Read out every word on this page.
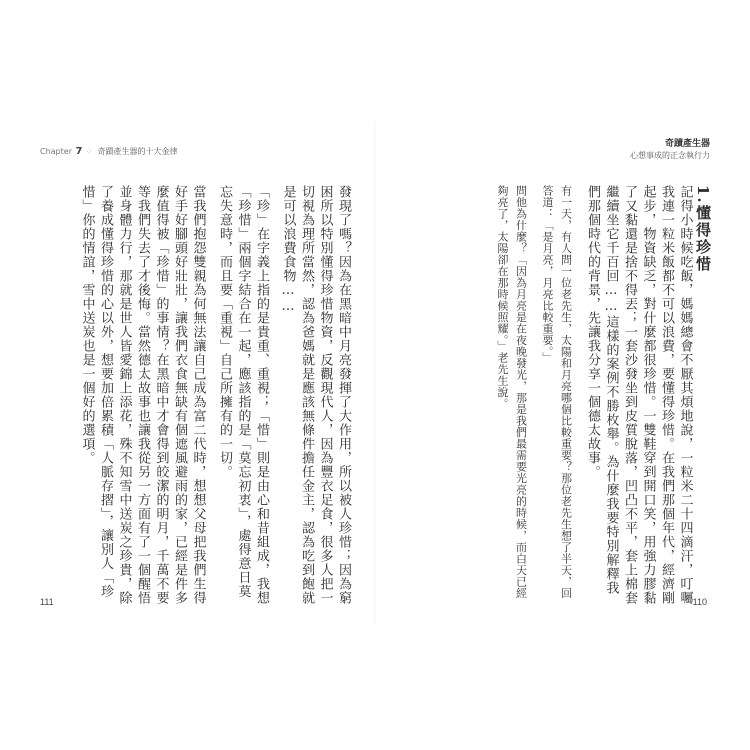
Chapter 7 ⁘ 奇蹟產生器的十大金律
奇蹟產生器
心想事成的正念執行力
1.懂得珍惜
記得小時候吃飯，媽媽總會不厭其煩地說，一粒米二十四滴汗，叮囑我連一粒米飯都不可以浪費，要懂得珍惜。在我們那個年代，經濟剛起步，物資缺乏，對什麼都很珍惜。一雙鞋穿到開口笑，用強力膠黏了又黏還是捨不得丟；一套沙發坐到皮質脫落，凹凸不平，套上棉套繼續坐它千百回……這樣的案例不勝枚舉。為什麼我要特別解釋我們那個時代的背景，先讓我分享一個德太故事。
有一天，有人問一位老先生，太陽和月亮哪個比較重要？那位老先生想了半天，回答道：「是月亮，月亮比較重要。」
問他為什麼？「因為月亮是在夜晚發光，那是我們最需要光亮的時候，而白天已經夠亮了，太陽卻在那時候照耀。」老先生說。
發現了嗎？因為在黑暗中月亮發揮了大作用，所以被人珍惜；因為窮困所以特別懂得珍惜物資，反觀現代人，因為豐衣足食，很多人把一切視為理所當然，認為爸媽就是應該無條件擔任金主，認為吃到飽就是可以浪費食物……
「珍」在字義上指的是貴重、重視；「惜」則是由心和昔組成，我想「珍惜」兩個字結合在一起，應該指的是「莫忘初衷」，處得意日莫忘失意時，而且要「重視」自己所擁有的一切。
當我們抱怨雙親為何無法讓自己成為富二代時，想想父母把我們生得好手好腳頭好壯壯，讓我們衣食無缺有個遮風避雨的家，已經是件多麼值得被「珍惜」的事情？在黑暗中才會得到皎潔的明月，千萬不要等我們失去了才後悔。當然德太故事也讓我從另一方面有了一個醒悟並身體力行，那就是世人皆愛錦上添花，殊不知雪中送炭之珍貴，除了養成懂得珍惜的心以外，想要加倍累積「人脈存摺」，讓別人「珍惜」你的情誼，雪中送炭也是一個好的選項。
111	110
